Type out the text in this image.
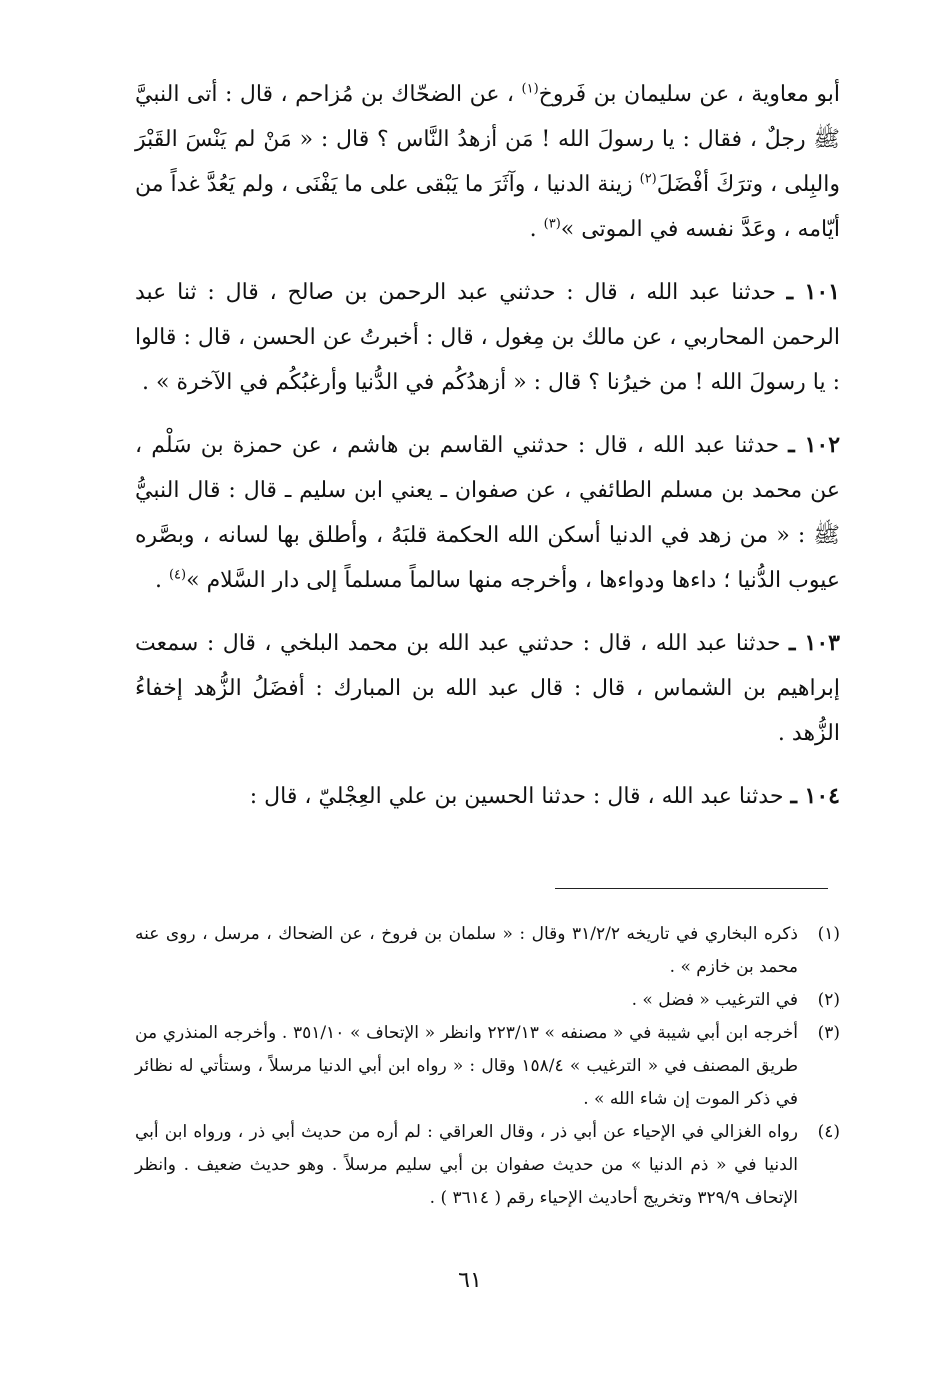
أبو معاوية ، عن سليمان بن فَروخ$^{(١)}$ ، عن الضحّاك بن مُزاحم ، قال : أتى النبيَّ ﷺ رجلٌ ، فقال : يا رسولَ الله ! مَن أزهدُ النَّاس ؟ قال : « مَنْ لم يَنْسَ القَبْرَ والبِلى ، وترَكَ أفْضَلَ$^{(٢)}$ زينة الدنيا ، وآثَرَ ما يَبْقى على ما يَفْنَى ، ولم يَعُدَّ غداً من أيّامه ، وعَدَّ نفسه في الموتى »$^{(٣)}$ .

١٠١ ـ حدثنا عبد الله ، قال : حدثني عبد الرحمن بن صالح ، قال : ثنا عبد الرحمن المحاربي ، عن مالك بن مِغول ، قال : أخبرتُ عن الحسن ، قال : قالوا : يا رسولَ الله ! من خيرُنا ؟ قال : « أزهدُكُم في الدُّنيا وأرغبُكُم في الآخرة » .

١٠٢ ـ حدثنا عبد الله ، قال : حدثني القاسم بن هاشم ، عن حمزة بن سَلْم ، عن محمد بن مسلم الطائفي ، عن صفوان ـ يعني ابن سليم ـ قال : قال النبيُّ ﷺ : « من زهد في الدنيا أسكن الله الحكمة قلبَهُ ، وأطلق بها لسانه ، وبصَّره عيوب الدُّنيا ؛ داءها ودواءها ، وأخرجه منها سالماً مسلماً إلى دار السَّلام »$^{(٤)}$ .

١٠٣ ـ حدثنا عبد الله ، قال : حدثني عبد الله بن محمد البلخي ، قال : سمعت إبراهيم بن الشماس ، قال : قال عبد الله بن المبارك : أفضَلُ الزُّهد إخفاءُ الزُّهد .

١٠٤ ـ حدثنا عبد الله ، قال : حدثنا الحسين بن علي العِجْليّ ، قال :

(١)
ذكره البخاري في تاريخه ٣١/٢/٢ وقال : « سلمان بن فروخ ، عن الضحاك ، مرسل ، روى عنه محمد بن خازم » .
(٢)
في الترغيب « فضل » .
(٣)
أخرجه ابن أبي شيبة في « مصنفه » ٢٢٣/١٣ وانظر « الإتحاف » ٣٥١/١٠ . وأخرجه المنذري من طريق المصنف في « الترغيب » ١٥٨/٤ وقال : « رواه ابن أبي الدنيا مرسلاً ، وستأتي له نظائر في ذكر الموت إن شاء الله » .
(٤)
رواه الغزالي في الإحياء عن أبي ذر ، وقال العراقي : لم أره من حديث أبي ذر ، ورواه ابن أبي الدنيا في « ذم الدنيا » من حديث صفوان بن أبي سليم مرسلاً . وهو حديث ضعيف . وانظر الإتحاف ٣٢٩/٩ وتخريج أحاديث الإحياء رقم ( ٣٦١٤ ) .
٦١
